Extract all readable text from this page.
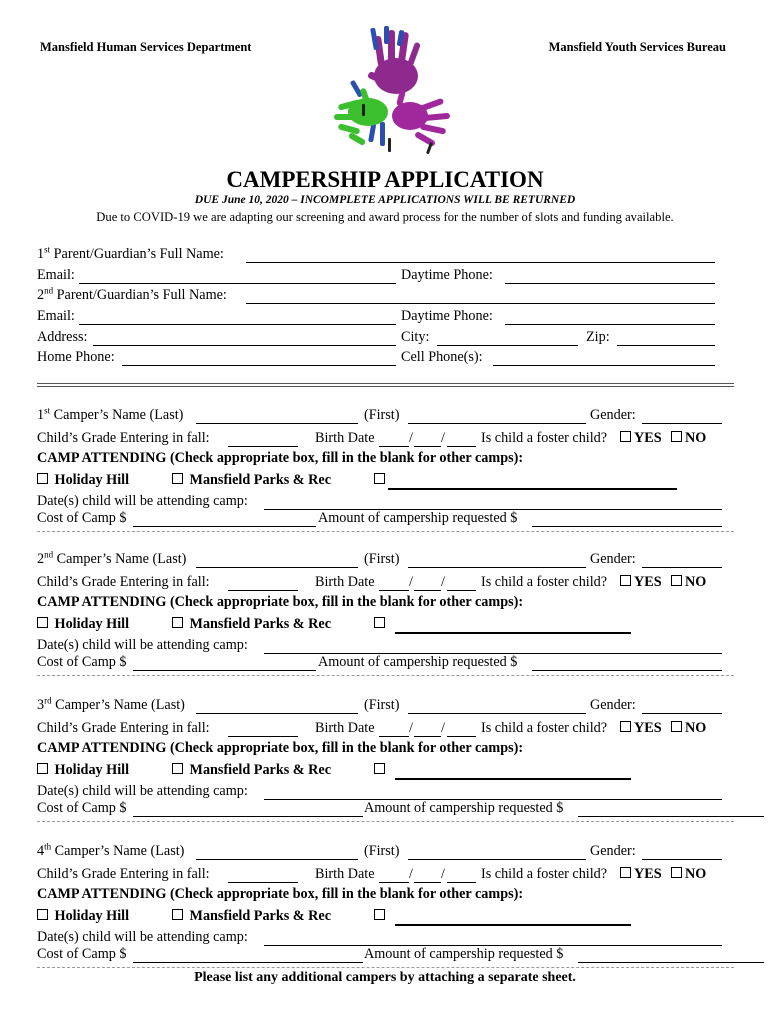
Mansfield Human Services Department	Mansfield Youth Services Bureau
CAMPERSHIP APPLICATION
DUE June 10, 2020 – INCOMPLETE APPLICATIONS WILL BE RETURNED
Due to COVID-19 we are adapting our screening and award process for the number of slots and funding available.
1st Parent/Guardian’s Full Name:
Email:	Daytime Phone:
2nd Parent/Guardian’s Full Name:
Email:	Daytime Phone:
Address:	City:	Zip:
Home Phone:	Cell Phone(s):
1st Camper’s Name (Last)	(First)	Gender:
Child’s Grade Entering in fall:	Birth Date / /	Is child a foster child?	YES	NO
CAMP ATTENDING (Check appropriate box, fill in the blank for other camps):
Holiday Hill	Mansfield Parks & Rec
Date(s) child will be attending camp:
Cost of Camp $	Amount of campership requested $
2nd Camper’s Name (Last)	(First)	Gender:
Child’s Grade Entering in fall:	Birth Date / /	Is child a foster child?	YES	NO
CAMP ATTENDING (Check appropriate box, fill in the blank for other camps):
Holiday Hill	Mansfield Parks & Rec
Date(s) child will be attending camp:
Cost of Camp $	Amount of campership requested $
3rd Camper’s Name (Last)	(First)	Gender:
Child’s Grade Entering in fall:	Birth Date / /	Is child a foster child?	YES	NO
CAMP ATTENDING (Check appropriate box, fill in the blank for other camps):
Holiday Hill	Mansfield Parks & Rec
Date(s) child will be attending camp:
Cost of Camp $	Amount of campership requested $
4th Camper’s Name (Last)	(First)	Gender:
Child’s Grade Entering in fall:	Birth Date / /	Is child a foster child?	YES	NO
CAMP ATTENDING (Check appropriate box, fill in the blank for other camps):
Holiday Hill	Mansfield Parks & Rec
Date(s) child will be attending camp:
Cost of Camp $	Amount of campership requested $
Please list any additional campers by attaching a separate sheet.
